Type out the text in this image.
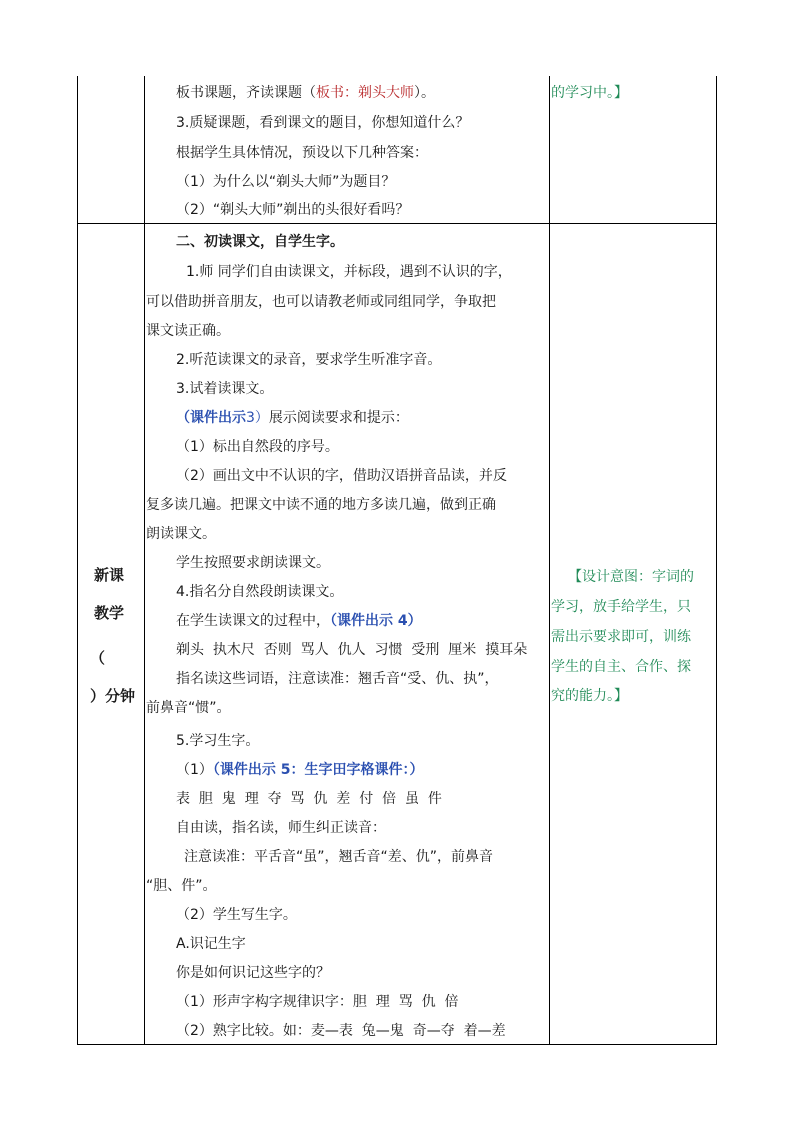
板书课题，齐读课题（板书：剃头大师）。
3.质疑课题，看到课文的题目，你想知道什么？
根据学生具体情况，预设以下几种答案：
（1）为什么以“剃头大师”为题目？
（2）“剃头大师”剃出的头很好看吗？
的学习中。】
新课
教学
（
）分钟
二、初读课文，自学生字。
1.师 同学们自由读课文，并标段，遇到不认识的字，
可以借助拼音朋友，也可以请教老师或同组同学，争取把
课文读正确。
2.听范读课文的录音，要求学生听准字音。
3.试着读课文。
（课件出示3）展示阅读要求和提示：
（1）标出自然段的序号。
（2）画出文中不认识的字，借助汉语拼音品读，并反
复多读几遍。把课文中读不通的地方多读几遍，做到正确
朗读课文。
学生按照要求朗读课文。
4.指名分自然段朗读课文。
在学生读课文的过程中，（课件出示 4）
剃头  执木尺  否则  骂人  仇人  习惯  受刑  厘米  摸耳朵
指名读这些词语，注意读准：翘舌音“受、仇、执”，
前鼻音“惯”。
5.学习生字。
（1）（课件出示 5：生字田字格课件：）
表  胆  鬼  理  夺  骂  仇  差  付  倍  虽  件
自由读，指名读，师生纠正读音：
注意读准：平舌音“虽”，翘舌音“差、仇”，前鼻音
“胆、件”。
（2）学生写生字。
A.识记生字
你是如何识记这些字的？
（1）形声字构字规律识字：胆  理  骂  仇  倍
（2）熟字比较。如：麦—表  兔—鬼  奇—夺  着—差
【设计意图：字词的
学习，放手给学生，只
需出示要求即可，训练
学生的自主、合作、探
究的能力。】
